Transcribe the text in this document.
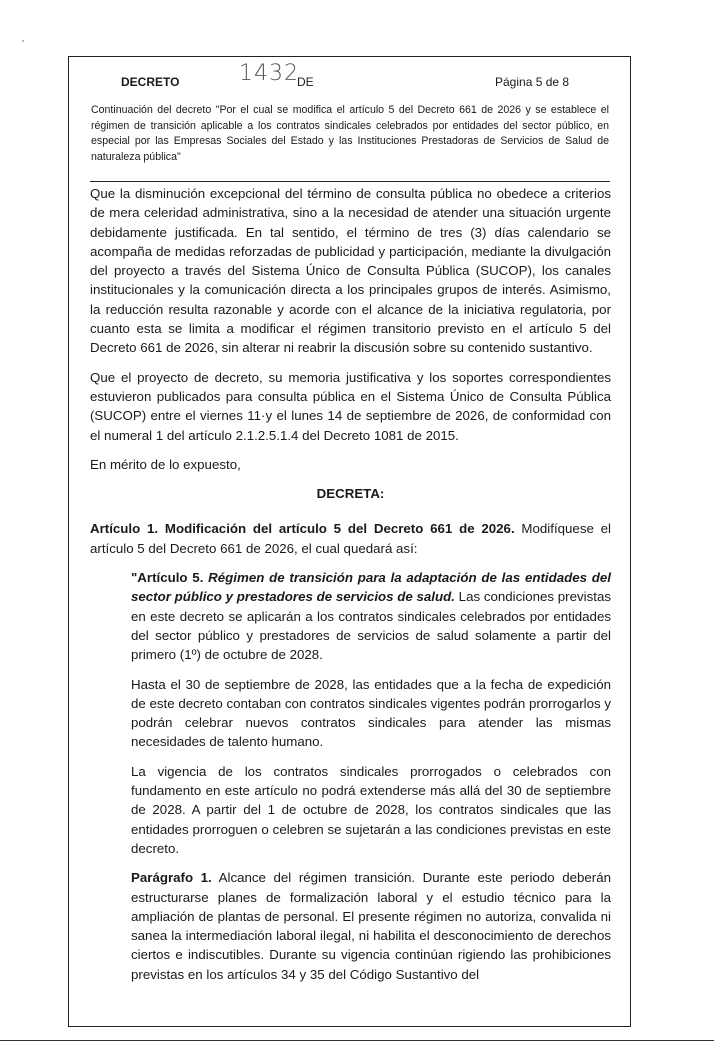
DECRETO	1432
DE	Página 5 de 8
Continuación del decreto "Por el cual se modifica el artículo 5 del Decreto 661 de 2026 y se establece el régimen de transición aplicable a los contratos sindicales celebrados por entidades del sector público, en especial por las Empresas Sociales del Estado y las Instituciones Prestadoras de Servicios de Salud de naturaleza pública"

Que la disminución excepcional del término de consulta pública no obedece a criterios de mera celeridad administrativa, sino a la necesidad de atender una situación urgente debidamente justificada. En tal sentido, el término de tres (3) días calendario se acompaña de medidas reforzadas de publicidad y participación, mediante la divulgación del proyecto a través del Sistema Único de Consulta Pública (SUCOP), los canales institucionales y la comunicación directa a los principales grupos de interés. Asimismo, la reducción resulta razonable y acorde con el alcance de la iniciativa regulatoria, por cuanto esta se limita a modificar el régimen transitorio previsto en el artículo 5 del Decreto 661 de 2026, sin alterar ni reabrir la discusión sobre su contenido sustantivo.

Que el proyecto de decreto, su memoria justificativa y los soportes correspondientes estuvieron publicados para consulta pública en el Sistema Único de Consulta Pública (SUCOP) entre el viernes 11·y el lunes 14 de septiembre de 2026, de conformidad con el numeral 1 del artículo 2.1.2.5.1.4 del Decreto 1081 de 2015.

En mérito de lo expuesto,

DECRETA:

Artículo 1. Modificación del artículo 5 del Decreto 661 de 2026. Modifíquese el artículo 5 del Decreto 661 de 2026, el cual quedará así:

"Artículo 5. Régimen de transición para la adaptación de las entidades del sector público y prestadores de servicios de salud. Las condiciones previstas en este decreto se aplicarán a los contratos sindicales celebrados por entidades del sector público y prestadores de servicios de salud solamente a partir del primero (1º) de octubre de 2028.

Hasta el 30 de septiembre de 2028, las entidades que a la fecha de expedición de este decreto contaban con contratos sindicales vigentes podrán prorrogarlos y podrán celebrar nuevos contratos sindicales para atender las mismas necesidades de talento humano.

La vigencia de los contratos sindicales prorrogados o celebrados con fundamento en este artículo no podrá extenderse más allá del 30 de septiembre de 2028. A partir del 1 de octubre de 2028, los contratos sindicales que las entidades prorroguen o celebren se sujetarán a las condiciones previstas en este decreto.

Parágrafo 1. Alcance del régimen transición. Durante este periodo deberán estructurarse planes de formalización laboral y el estudio técnico para la ampliación de plantas de personal. El presente régimen no autoriza, convalida ni sanea la intermediación laboral ilegal, ni habilita el desconocimiento de derechos ciertos e indiscutibles. Durante su vigencia continúan rigiendo las prohibiciones previstas en los artículos 34 y 35 del Código Sustantivo del
